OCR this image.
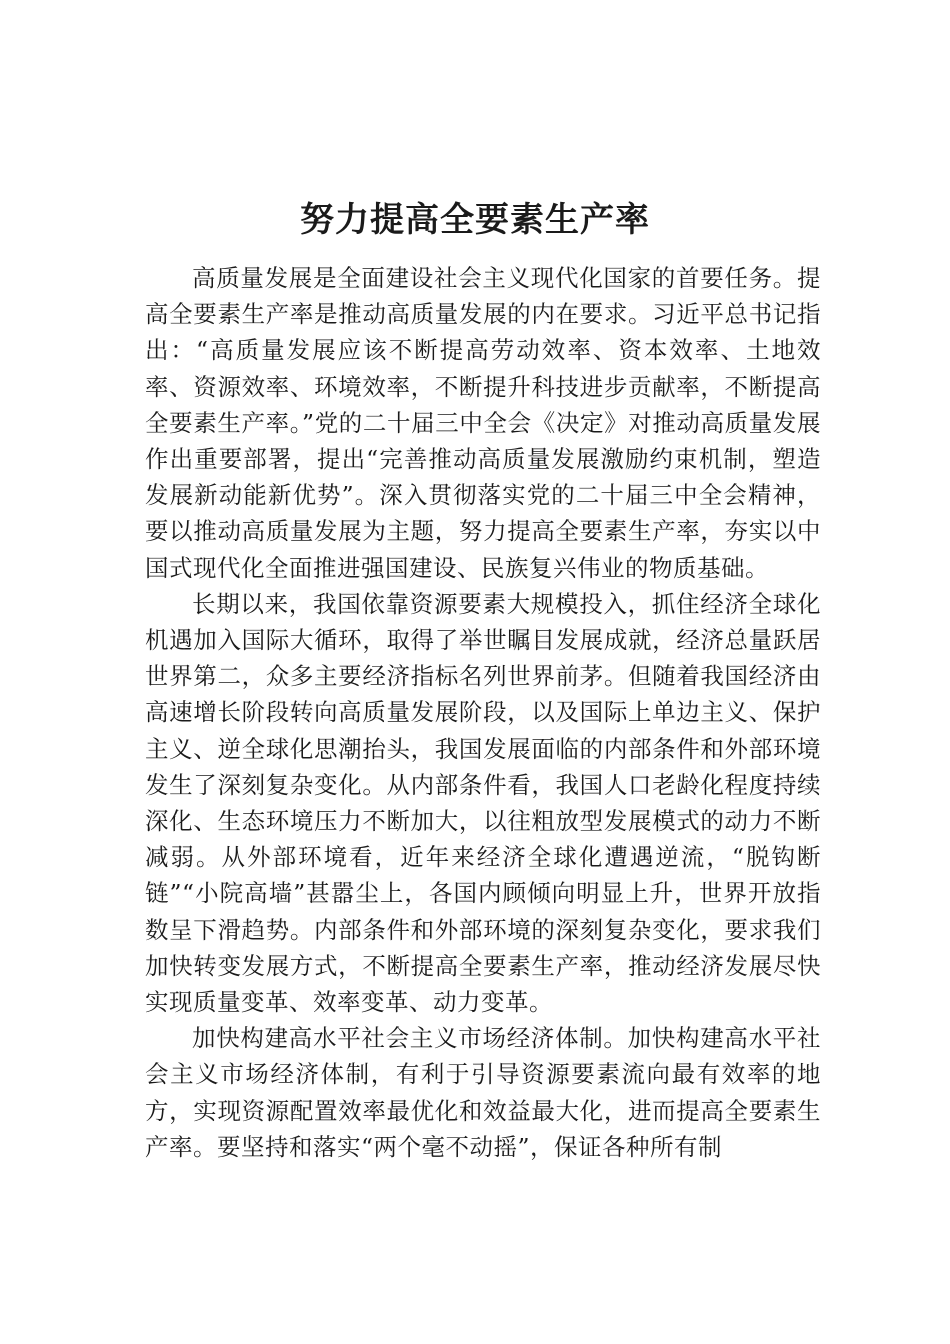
努力提高全要素生产率

高质量发展是全面建设社会主义现代化国家的首要任务。提高全要素生产率是推动高质量发展的内在要求。习近平总书记指出：“高质量发展应该不断提高劳动效率、资本效率、土地效率、资源效率、环境效率，不断提升科技进步贡献率，不断提高全要素生产率。”党的二十届三中全会《决定》对推动高质量发展作出重要部署，提出“完善推动高质量发展激励约束机制，塑造发展新动能新优势”。深入贯彻落实党的二十届三中全会精神，要以推动高质量发展为主题，努力提高全要素生产率，夯实以中国式现代化全面推进强国建设、民族复兴伟业的物质基础。

长期以来，我国依靠资源要素大规模投入，抓住经济全球化机遇加入国际大循环，取得了举世瞩目发展成就，经济总量跃居世界第二，众多主要经济指标名列世界前茅。但随着我国经济由高速增长阶段转向高质量发展阶段，以及国际上单边主义、保护主义、逆全球化思潮抬头，我国发展面临的内部条件和外部环境发生了深刻复杂变化。从内部条件看，我国人口老龄化程度持续深化、生态环境压力不断加大，以往粗放型发展模式的动力不断减弱。从外部环境看，近年来经济全球化遭遇逆流，“脱钩断链”“小院高墙”甚嚣尘上，各国内顾倾向明显上升，世界开放指数呈下滑趋势。内部条件和外部环境的深刻复杂变化，要求我们加快转变发展方式，不断提高全要素生产率，推动经济发展尽快实现质量变革、效率变革、动力变革。

加快构建高水平社会主义市场经济体制。加快构建高水平社会主义市场经济体制，有利于引导资源要素流向最有效率的地方，实现资源配置效率最优化和效益最大化，进而提高全要素生产率。要坚持和落实“两个毫不动摇”，保证各种所有制
